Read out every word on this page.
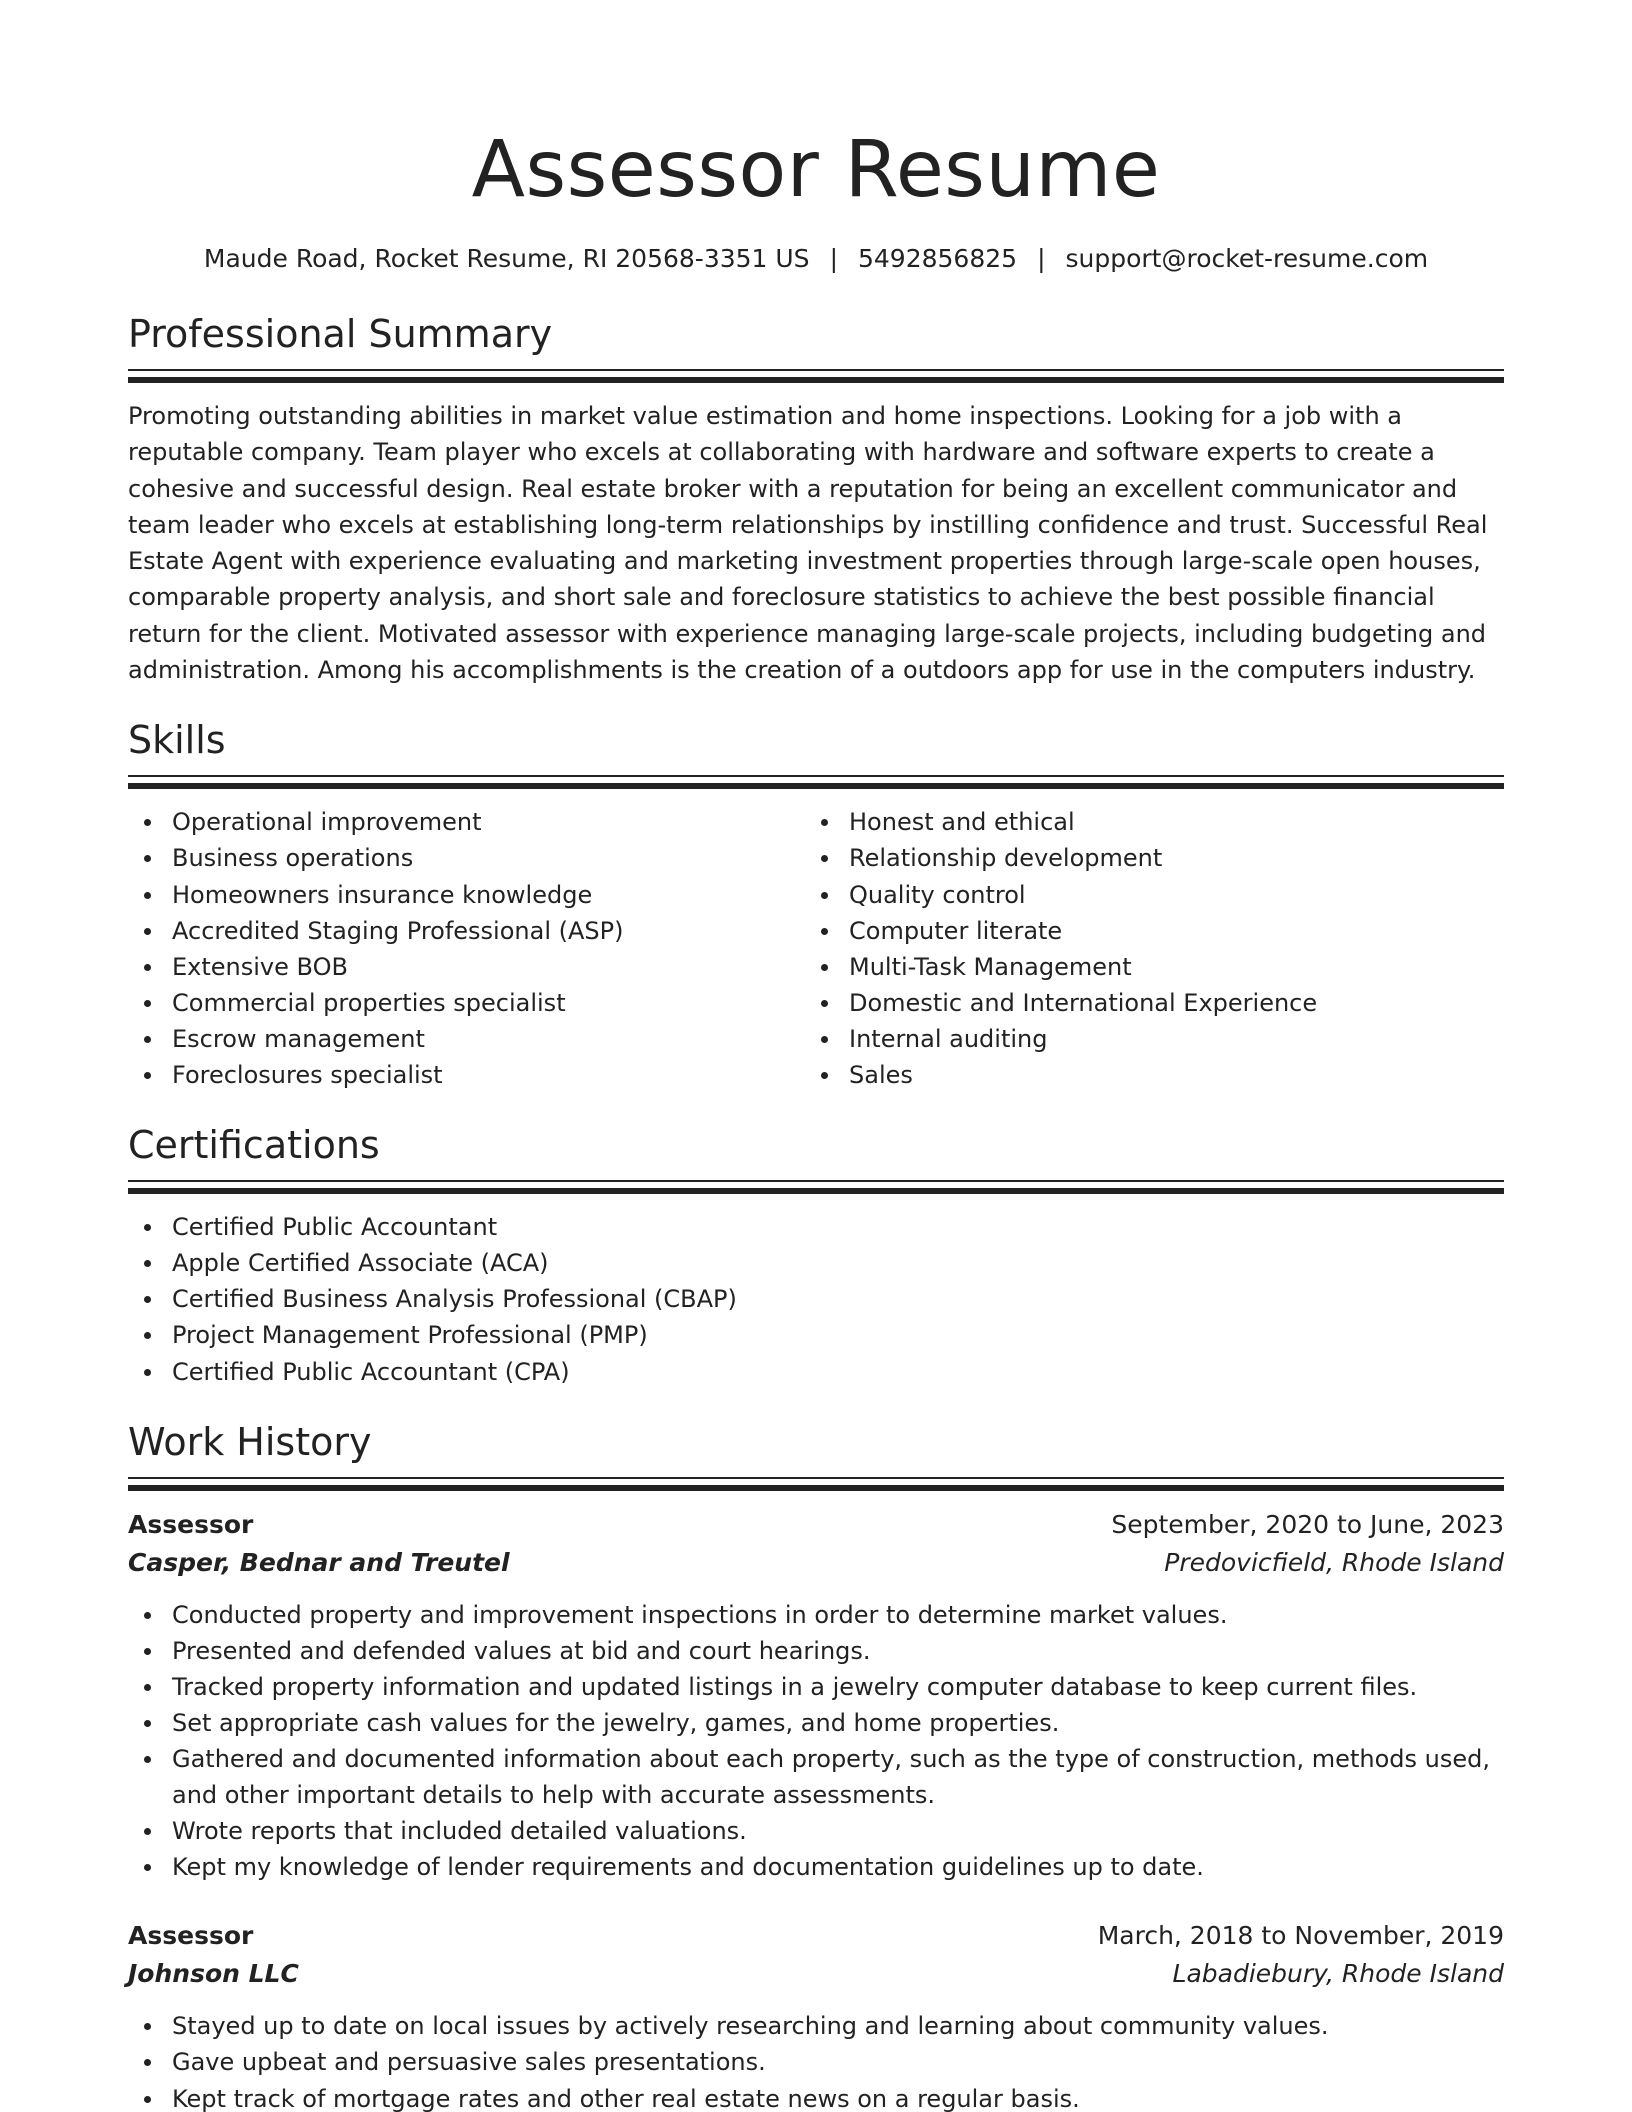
Assessor Resume
Maude Road, Rocket Resume, RI 20568-3351 US | 5492856825 | support@rocket-resume.com
Professional Summary

Promoting outstanding abilities in market value estimation and home inspections. Looking for a job with a reputable company. Team player who excels at collaborating with hardware and software experts to create a cohesive and successful design. Real estate broker with a reputation for being an excellent communicator and team leader who excels at establishing long-term relationships by instilling confidence and trust. Successful Real Estate Agent with experience evaluating and marketing investment properties through large-scale open houses, comparable property analysis, and short sale and foreclosure statistics to achieve the best possible financial return for the client. Motivated assessor with experience managing large-scale projects, including budgeting and administration. Among his accomplishments is the creation of a outdoors app for use in the computers industry.

Skills
Operational improvement
Business operations
Homeowners insurance knowledge
Accredited Staging Professional (ASP)
Extensive BOB
Commercial properties specialist
Escrow management
Foreclosures specialist
Honest and ethical
Relationship development
Quality control
Computer literate
Multi-Task Management
Domestic and International Experience
Internal auditing
Sales
Certifications
Certified Public Accountant
Apple Certified Associate (ACA)
Certified Business Analysis Professional (CBAP)
Project Management Professional (PMP)
Certified Public Accountant (CPA)
Work History
Assessor	September, 2020 to June, 2023
Casper, Bednar and Treutel	Predovicfield, Rhode Island
Conducted property and improvement inspections in order to determine market values.
Presented and defended values at bid and court hearings.
Tracked property information and updated listings in a jewelry computer database to keep current files.
Set appropriate cash values for the jewelry, games, and home properties.
Gathered and documented information about each property, such as the type of construction, methods used, and other important details to help with accurate assessments.
Wrote reports that included detailed valuations.
Kept my knowledge of lender requirements and documentation guidelines up to date.
Assessor	March, 2018 to November, 2019
Johnson LLC	Labadiebury, Rhode Island
Stayed up to date on local issues by actively researching and learning about community values.
Gave upbeat and persuasive sales presentations.
Kept track of mortgage rates and other real estate news on a regular basis.
